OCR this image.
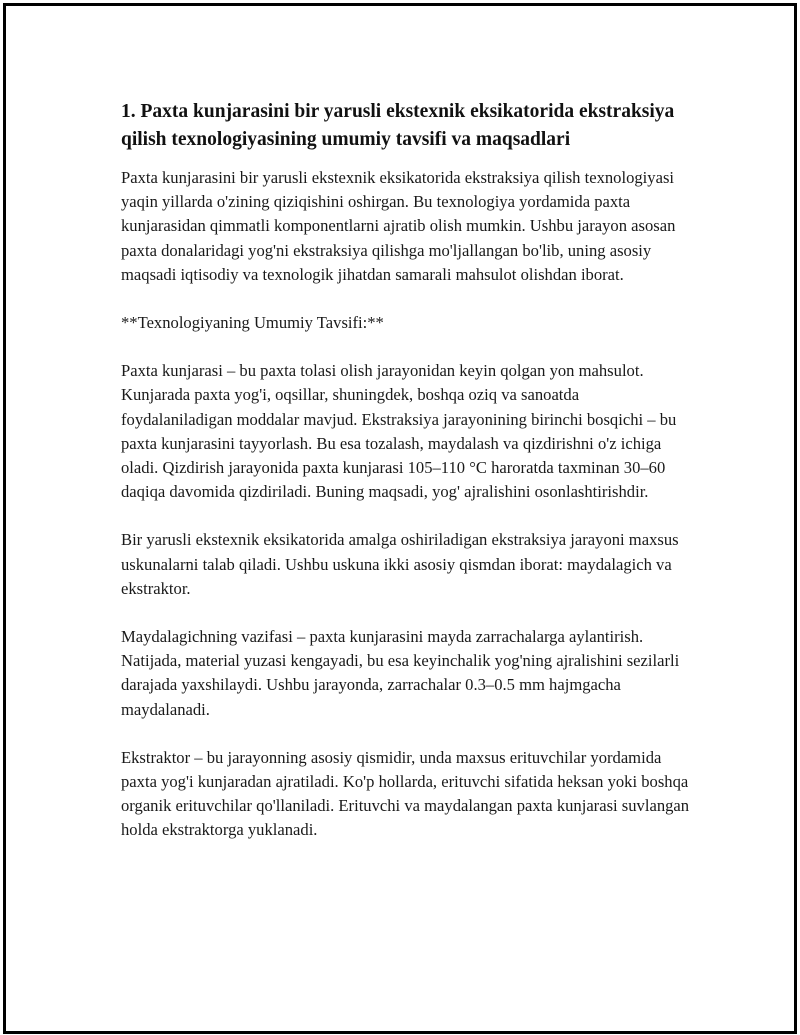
1. Paxta kunjarasini bir yarusli ekstexnik eksikatorida ekstraksiya qilish texnologiyasining umumiy tavsifi va maqsadlari

Paxta kunjarasini bir yarusli ekstexnik eksikatorida ekstraksiya qilish texnologiyasi yaqin yillarda o'zining qiziqishini oshirgan. Bu texnologiya yordamida paxta kunjarasidan qimmatli komponentlarni ajratib olish mumkin. Ushbu jarayon asosan paxta donalaridagi yog'ni ekstraksiya qilishga mo'ljallangan bo'lib, uning asosiy maqsadi iqtisodiy va texnologik jihatdan samarali mahsulot olishdan iborat.

**Texnologiyaning Umumiy Tavsifi:**

Paxta kunjarasi – bu paxta tolasi olish jarayonidan keyin qolgan yon mahsulot. Kunjarada paxta yog'i, oqsillar, shuningdek, boshqa oziq va sanoatda foydalaniladigan moddalar mavjud. Ekstraksiya jarayonining birinchi bosqichi – bu paxta kunjarasini tayyorlash. Bu esa tozalash, maydalash va qizdirishni o'z ichiga oladi. Qizdirish jarayonida paxta kunjarasi 105–110 °C haroratda taxminan 30–60 daqiqa davomida qizdiriladi. Buning maqsadi, yog' ajralishini osonlashtirishdir.

Bir yarusli ekstexnik eksikatorida amalga oshiriladigan ekstraksiya jarayoni maxsus uskunalarni talab qiladi. Ushbu uskuna ikki asosiy qismdan iborat: maydalagich va ekstraktor.

Maydalagichning vazifasi – paxta kunjarasini mayda zarrachalarga aylantirish. Natijada, material yuzasi kengayadi, bu esa keyinchalik yog'ning ajralishini sezilarli darajada yaxshilaydi. Ushbu jarayonda, zarrachalar 0.3–0.5 mm hajmgacha maydalanadi.

Ekstraktor – bu jarayonning asosiy qismidir, unda maxsus erituvchilar yordamida paxta yog'i kunjaradan ajratiladi. Ko'p hollarda, erituvchi sifatida heksan yoki boshqa organik erituvchilar qo'llaniladi. Erituvchi va maydalangan paxta kunjarasi suvlangan holda ekstraktorga yuklanadi.
